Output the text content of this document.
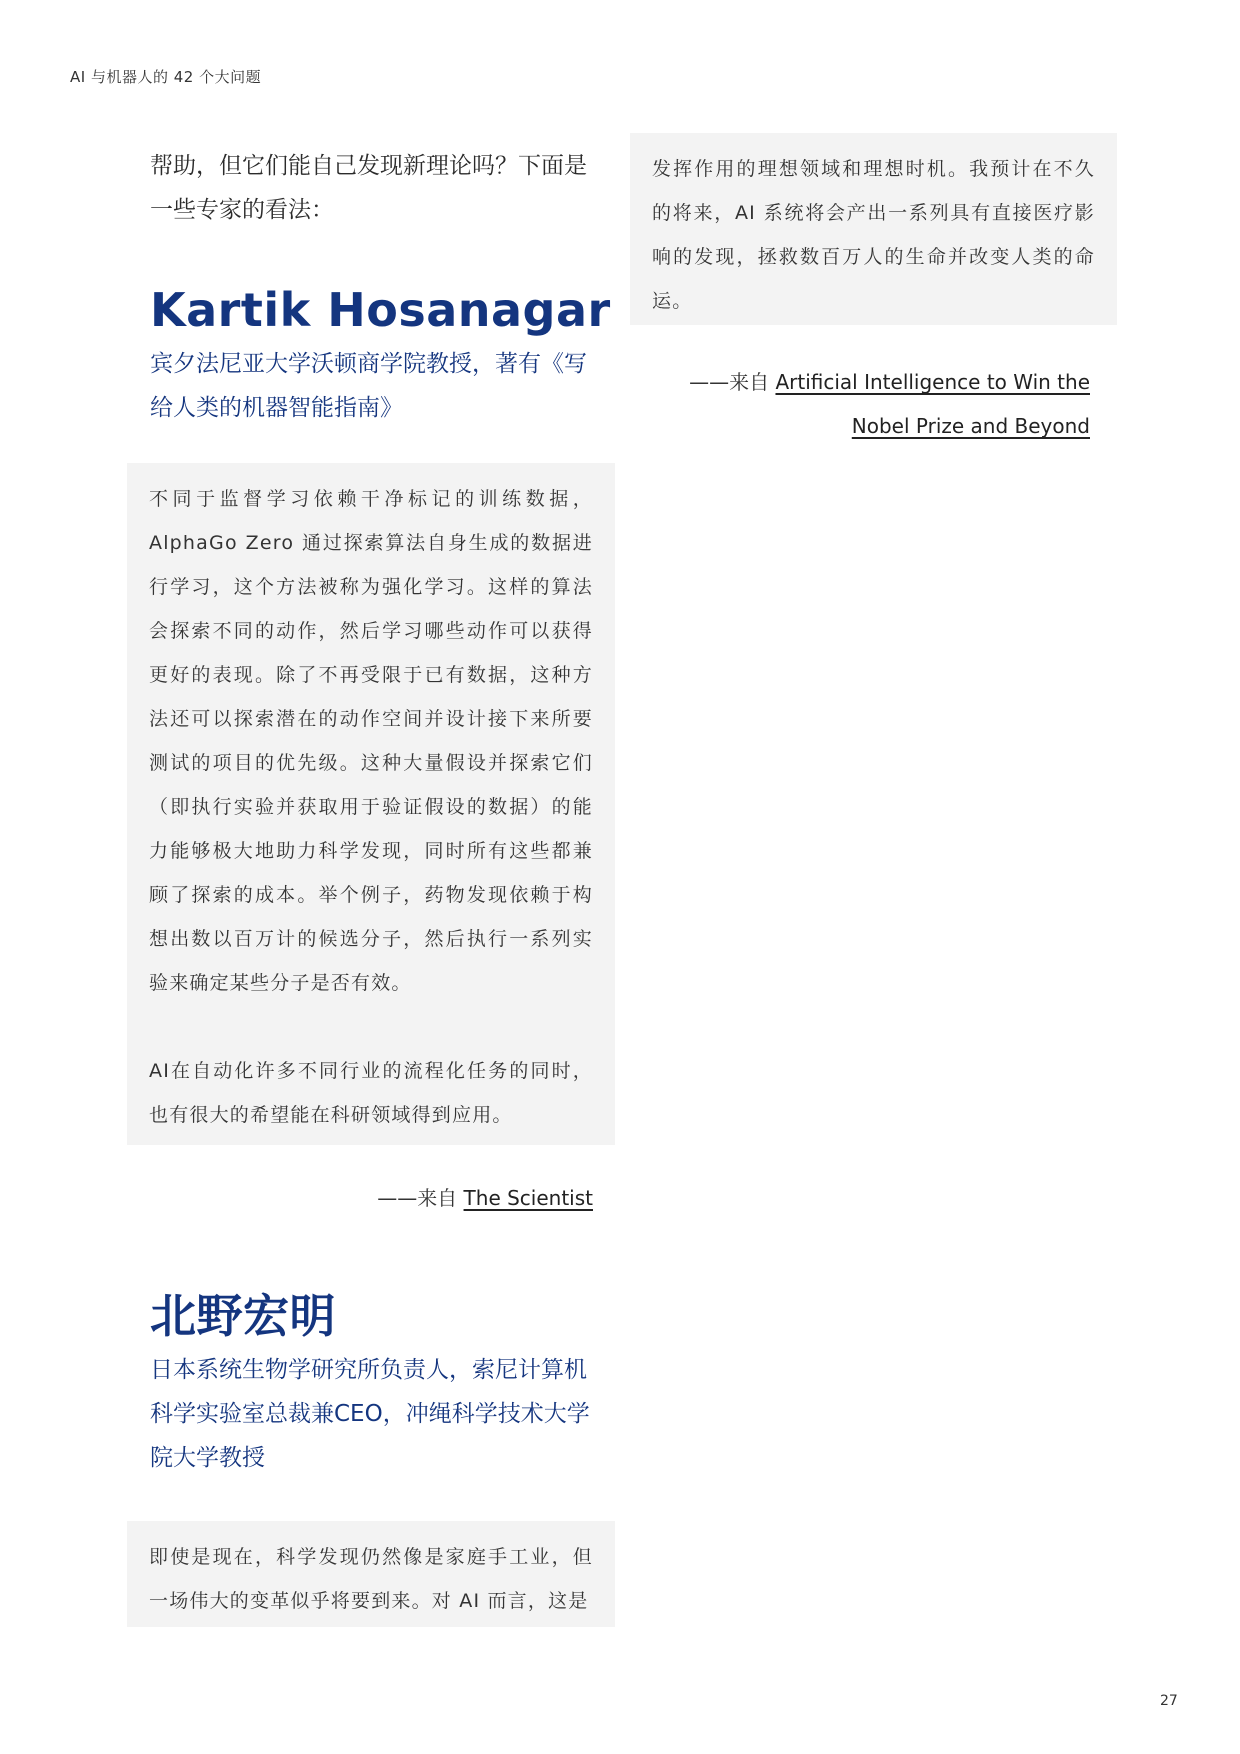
AI 与机器人的 42 个大问题
帮助，但它们能自己发现新理论吗？下面是一些专家的看法：
Kartik Hosanagar
宾夕法尼亚大学沃顿商学院教授，著有《写给人类的机器智能指南》

不同于监督学习依赖干净标记的训练数据，AlphaGo Zero 通过探索算法自身生成的数据进行学习，这个方法被称为强化学习。这样的算法会探索不同的动作，然后学习哪些动作可以获得更好的表现。除了不再受限于已有数据，这种方法还可以探索潜在的动作空间并设计接下来所要测试的项目的优先级。这种大量假设并探索它们（即执行实验并获取用于验证假设的数据）的能力能够极大地助力科学发现，同时所有这些都兼顾了探索的成本。举个例子，药物发现依赖于构想出数以百万计的候选分子，然后执行一系列实验来确定某些分子是否有效。

AI在自动化许多不同行业的流程化任务的同时，也有很大的希望能在科研领域得到应用。

——来自 The Scientist
北野宏明
日本系统生物学研究所负责人，索尼计算机科学实验室总裁兼CEO，冲绳科学技术大学院大学教授

即使是现在，科学发现仍然像是家庭手工业，但一场伟大的变革似乎将要到来。对 AI 而言，这是

发挥作用的理想领域和理想时机。我预计在不久的将来，AI 系统将会产出一系列具有直接医疗影响的发现，拯救数百万人的生命并改变人类的命运。

——来自 Artificial Intelligence to Win the
Nobel Prize and Beyond
27
